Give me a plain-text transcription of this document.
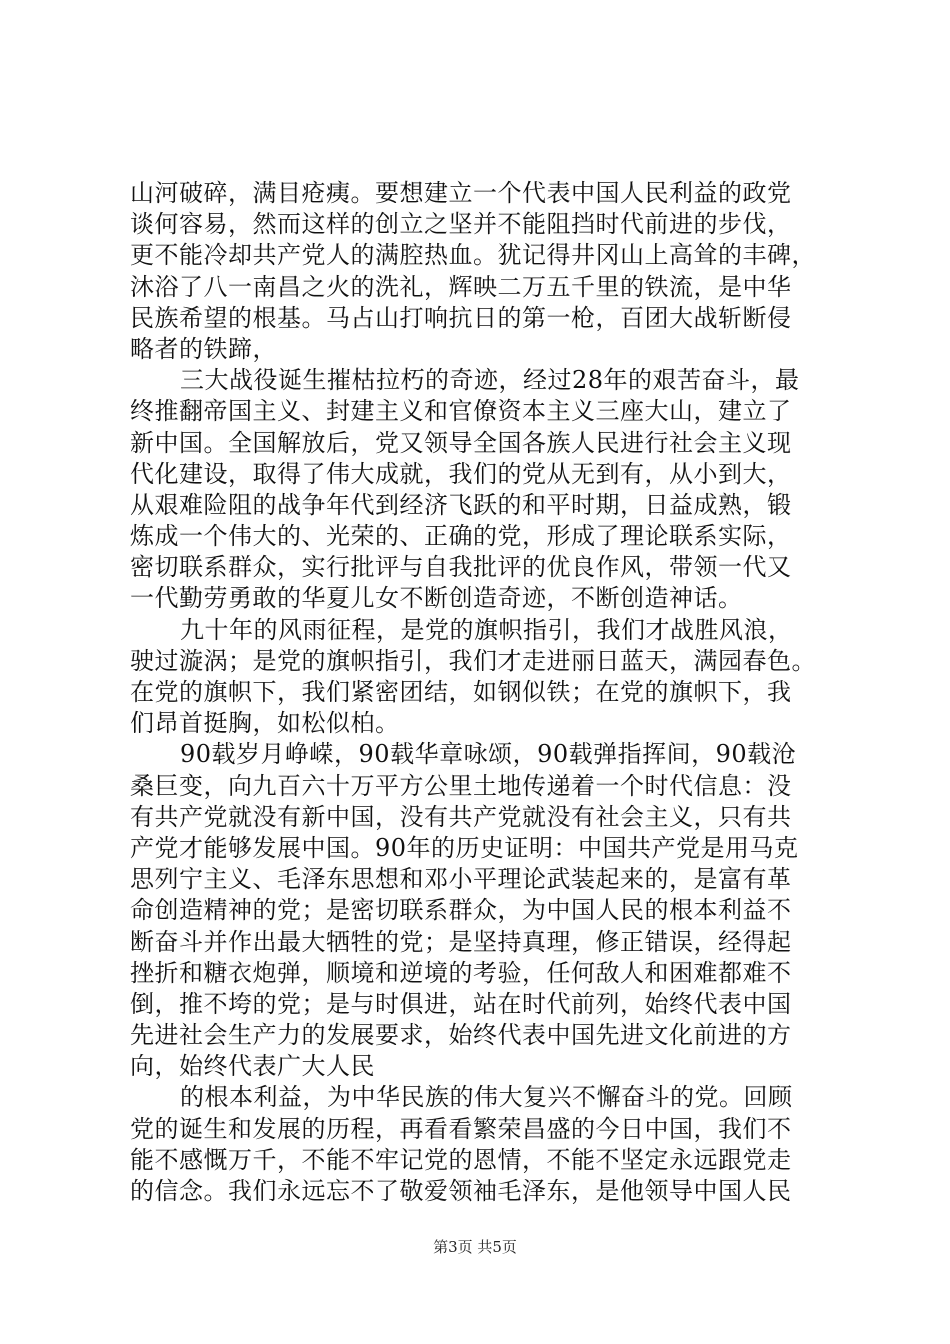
山河破碎，满目疮痍。要想建立一个代表中国人民利益的政党
谈何容易，然而这样的创立之坚并不能阻挡时代前进的步伐，
更不能冷却共产党人的满腔热血。犹记得井冈山上高耸的丰碑，
沐浴了八一南昌之火的洗礼，辉映二万五千里的铁流，是中华
民族希望的根基。马占山打响抗日的第一枪，百团大战斩断侵
略者的铁蹄，
三大战役诞生摧枯拉朽的奇迹，经过28年的艰苦奋斗，最
终推翻帝国主义、封建主义和官僚资本主义三座大山，建立了
新中国。全国解放后，党又领导全国各族人民进行社会主义现
代化建设，取得了伟大成就，我们的党从无到有，从小到大，
从艰难险阻的战争年代到经济飞跃的和平时期，日益成熟，锻
炼成一个伟大的、光荣的、正确的党，形成了理论联系实际，
密切联系群众，实行批评与自我批评的优良作风，带领一代又
一代勤劳勇敢的华夏儿女不断创造奇迹，不断创造神话。
九十年的风雨征程，是党的旗帜指引，我们才战胜风浪，
驶过漩涡；是党的旗帜指引，我们才走进丽日蓝天，满园春色。
在党的旗帜下，我们紧密团结，如钢似铁；在党的旗帜下，我
们昂首挺胸，如松似柏。
90载岁月峥嵘，90载华章咏颂，90载弹指挥间，90载沧
桑巨变，向九百六十万平方公里土地传递着一个时代信息：没
有共产党就没有新中国，没有共产党就没有社会主义，只有共
产党才能够发展中国。90年的历史证明：中国共产党是用马克
思列宁主义、毛泽东思想和邓小平理论武装起来的，是富有革
命创造精神的党；是密切联系群众，为中国人民的根本利益不
断奋斗并作出最大牺牲的党；是坚持真理，修正错误，经得起
挫折和糖衣炮弹，顺境和逆境的考验，任何敌人和困难都难不
倒，推不垮的党；是与时俱进，站在时代前列，始终代表中国
先进社会生产力的发展要求，始终代表中国先进文化前进的方
向，始终代表广大人民
的根本利益，为中华民族的伟大复兴不懈奋斗的党。回顾
党的诞生和发展的历程，再看看繁荣昌盛的今日中国，我们不
能不感慨万千，不能不牢记党的恩情，不能不坚定永远跟党走
的信念。我们永远忘不了敬爱领袖毛泽东，是他领导中国人民
第3页 共5页
